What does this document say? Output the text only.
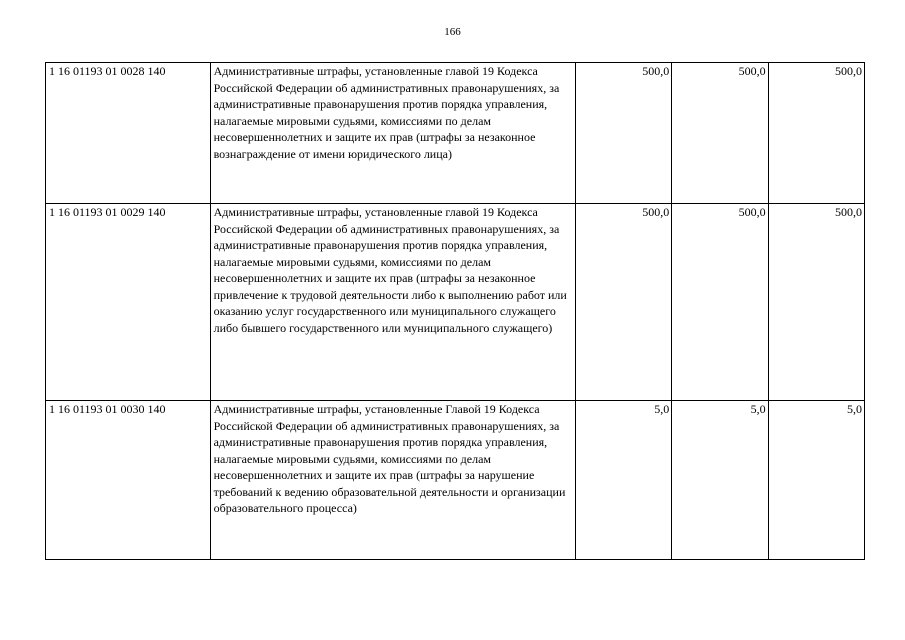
166
1 16 01193 01 0028 140	Административные штрафы, установленные главой 19 Кодекса Российской Федерации об административных правонарушениях, за административные правонарушения против порядка управления, налагаемые мировыми судьями, комиссиями по делам несовершеннолетних и защите их прав (штрафы за незаконное вознаграждение от имени юридического лица)	500,0	500,0	500,0
1 16 01193 01 0029 140	Административные штрафы, установленные главой 19 Кодекса Российской Федерации об административных правонарушениях, за административные правонарушения против порядка управления, налагаемые мировыми судьями, комиссиями по делам несовершеннолетних и защите их прав (штрафы за незаконное привлечение к трудовой деятельности либо к выполнению работ или оказанию услуг государственного или муниципального служащего либо бывшего государственного или муниципального служащего)	500,0	500,0	500,0
1 16 01193 01 0030 140	Административные штрафы, установленные Главой 19 Кодекса Российской Федерации об административных правонарушениях, за административные правонарушения против порядка управления, налагаемые мировыми судьями, комиссиями по делам несовершеннолетних и защите их прав (штрафы за нарушение требований к ведению образовательной деятельности и организации образовательного процесса)	5,0	5,0	5,0
